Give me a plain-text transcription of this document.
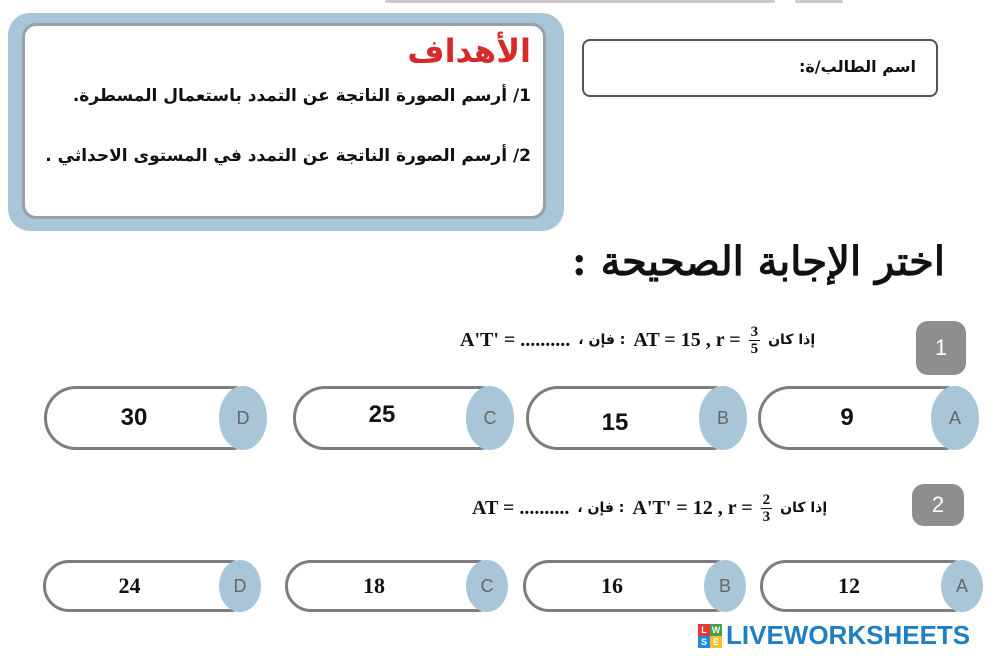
الأهداف
1/ أرسم الصورة الناتجة عن التمدد باستعمال المسطرة.
2/ أرسم الصورة الناتجة عن التمدد في المستوى الاحداثي .
اسم الطالب/ة:
اختر الإجابة الصحيحة :
1
A'T' = .......... ، فإن : AT = 15 , $r = \frac{3}{5}$ إذا كان
30	D	25	C	15	B	9	A
2
AT = .......... ، فإن : A'T' = 12 , $r = \frac{2}{3}$ إذا كان
24	D	18	C	16	B	12	A
L W
S E LIVEWORKSHEETS
